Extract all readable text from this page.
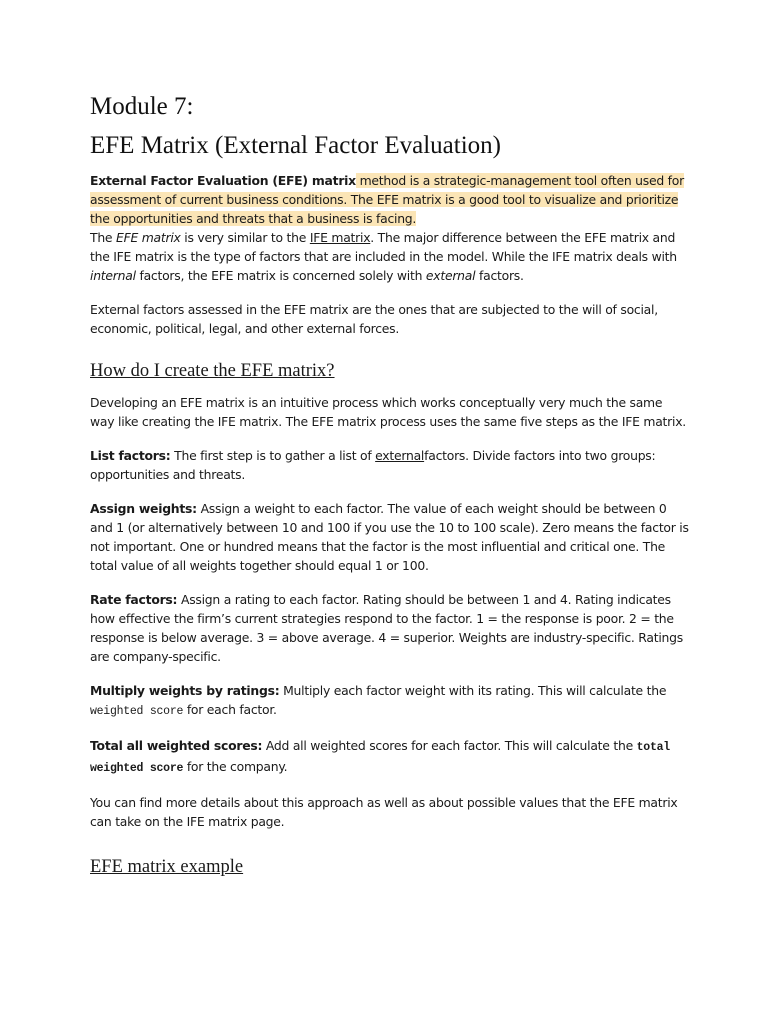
Module 7:
EFE Matrix (External Factor Evaluation)

External Factor Evaluation (EFE) matrix method is a strategic-management tool often used for assessment of current business conditions. The EFE matrix is a good tool to visualize and prioritize the opportunities and threats that a business is facing.
The EFE matrix is very similar to the IFE matrix. The major difference between the EFE matrix and the IFE matrix is the type of factors that are included in the model. While the IFE matrix deals with internal factors, the EFE matrix is concerned solely with external factors.

External factors assessed in the EFE matrix are the ones that are subjected to the will of social, economic, political, legal, and other external forces.

How do I create the EFE matrix?

Developing an EFE matrix is an intuitive process which works conceptually very much the same way like creating the IFE matrix. The EFE matrix process uses the same five steps as the IFE matrix.

List factors: The first step is to gather a list of externalfactors. Divide factors into two groups: opportunities and threats.

Assign weights: Assign a weight to each factor. The value of each weight should be between 0 and 1 (or alternatively between 10 and 100 if you use the 10 to 100 scale). Zero means the factor is not important. One or hundred means that the factor is the most influential and critical one. The total value of all weights together should equal 1 or 100.

Rate factors: Assign a rating to each factor. Rating should be between 1 and 4. Rating indicates how effective the firm’s current strategies respond to the factor. 1 = the response is poor. 2 = the response is below average. 3 = above average. 4 = superior. Weights are industry-specific. Ratings are company-specific.

Multiply weights by ratings: Multiply each factor weight with its rating. This will calculate the weighted score for each factor.

Total all weighted scores: Add all weighted scores for each factor. This will calculate the total weighted score for the company.

You can find more details about this approach as well as about possible values that the EFE matrix can take on the IFE matrix page.

EFE matrix example
